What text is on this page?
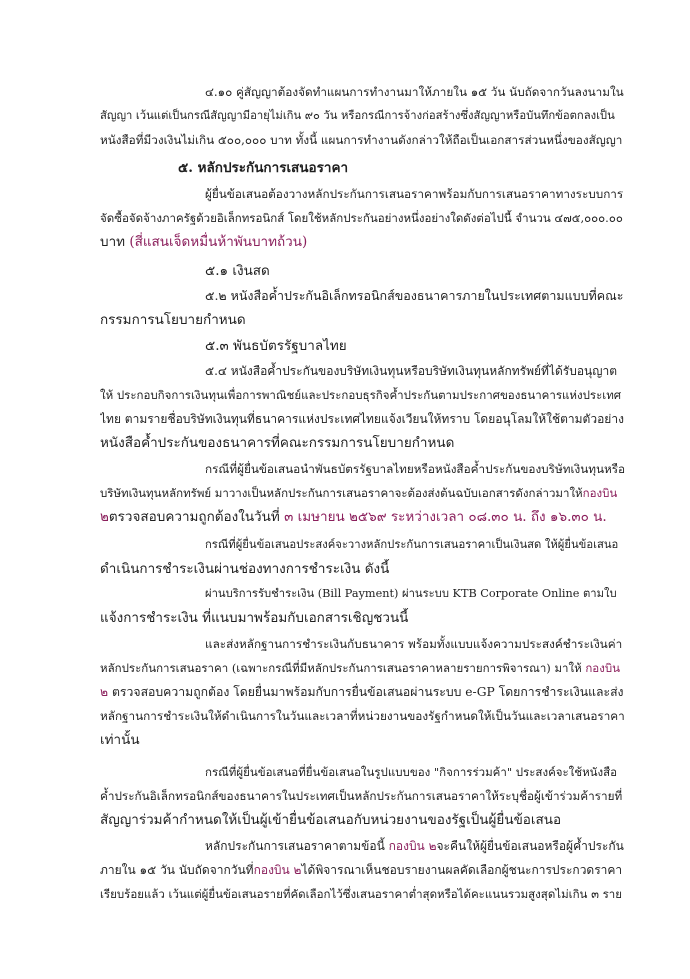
๔.๑๐ คู่สัญญาต้องจัดทำแผนการทำงานมาให้ภายใน ๑๕ วัน นับถัดจากวันลงนามใน
สัญญา เว้นแต่เป็นกรณีสัญญามีอายุไม่เกิน ๙๐ วัน หรือกรณีการจ้างก่อสร้างซึ่งสัญญาหรือบันทึกข้อตกลงเป็น
หนังสือที่มีวงเงินไม่เกิน ๕๐๐,๐๐๐ บาท ทั้งนี้ แผนการทำงานดังกล่าวให้ถือเป็นเอกสารส่วนหนึ่งของสัญญา
๕. หลักประกันการเสนอราคา
ผู้ยื่นข้อเสนอต้องวางหลักประกันการเสนอราคาพร้อมกับการเสนอราคาทางระบบการ
จัดซื้อจัดจ้างภาครัฐด้วยอิเล็กทรอนิกส์ โดยใช้หลักประกันอย่างหนึ่งอย่างใดดังต่อไปนี้ จำนวน ๔๗๕,๐๐๐.๐๐
บาท (สี่แสนเจ็ดหมื่นห้าพันบาทถ้วน)
๕.๑ เงินสด
๕.๒ หนังสือค้ำประกันอิเล็กทรอนิกส์ของธนาคารภายในประเทศตามแบบที่คณะ
กรรมการนโยบายกำหนด
๕.๓ พันธบัตรรัฐบาลไทย
๕.๔ หนังสือค้ำประกันของบริษัทเงินทุนหรือบริษัทเงินทุนหลักทรัพย์ที่ได้รับอนุญาต
ให้ ประกอบกิจการเงินทุนเพื่อการพาณิชย์และประกอบธุรกิจค้ำประกันตามประกาศของธนาคารแห่งประเทศ
ไทย ตามรายชื่อบริษัทเงินทุนที่ธนาคารแห่งประเทศไทยแจ้งเวียนให้ทราบ โดยอนุโลมให้ใช้ตามตัวอย่าง
หนังสือค้ำประกันของธนาคารที่คณะกรรมการนโยบายกำหนด
กรณีที่ผู้ยื่นข้อเสนอนำพันธบัตรรัฐบาลไทยหรือหนังสือค้ำประกันของบริษัทเงินทุนหรือ
บริษัทเงินทุนหลักทรัพย์ มาวางเป็นหลักประกันการเสนอราคาจะต้องส่งต้นฉบับเอกสารดังกล่าวมาให้กองบิน
๒ตรวจสอบความถูกต้องในวันที่ ๓ เมษายน ๒๕๖๙ ระหว่างเวลา ๐๘.๓๐ น. ถึง ๑๖.๓๐ น.
กรณีที่ผู้ยื่นข้อเสนอประสงค์จะวางหลักประกันการเสนอราคาเป็นเงินสด ให้ผู้ยื่นข้อเสนอ
ดำเนินการชำระเงินผ่านช่องทางการชำระเงิน ดังนี้
ผ่านบริการรับชำระเงิน (Bill Payment) ผ่านระบบ KTB Corporate Online ตามใบ
แจ้งการชำระเงิน ที่แนบมาพร้อมกับเอกสารเชิญชวนนี้
และส่งหลักฐานการชำระเงินกับธนาคาร พร้อมทั้งแบบแจ้งความประสงค์ชำระเงินค่า
หลักประกันการเสนอราคา (เฉพาะกรณีที่มีหลักประกันการเสนอราคาหลายรายการพิจารณา) มาให้ กองบิน
๒ ตรวจสอบความถูกต้อง โดยยื่นมาพร้อมกับการยื่นข้อเสนอผ่านระบบ e-GP โดยการชำระเงินและส่ง
หลักฐานการชำระเงินให้ดำเนินการในวันและเวลาที่หน่วยงานของรัฐกำหนดให้เป็นวันและเวลาเสนอราคา
เท่านั้น
กรณีที่ผู้ยื่นข้อเสนอที่ยื่นข้อเสนอในรูปแบบของ "กิจการร่วมค้า" ประสงค์จะใช้หนังสือ
ค้ำประกันอิเล็กทรอนิกส์ของธนาคารในประเทศเป็นหลักประกันการเสนอราคาให้ระบุชื่อผู้เข้าร่วมค้ารายที่
สัญญาร่วมค้ากำหนดให้เป็นผู้เข้ายื่นข้อเสนอกับหน่วยงานของรัฐเป็นผู้ยื่นข้อเสนอ
หลักประกันการเสนอราคาตามข้อนี้ กองบิน ๒จะคืนให้ผู้ยื่นข้อเสนอหรือผู้ค้ำประกัน
ภายใน ๑๕ วัน นับถัดจากวันที่กองบิน ๒ได้พิจารณาเห็นชอบรายงานผลคัดเลือกผู้ชนะการประกวดราคา
เรียบร้อยแล้ว เว้นแต่ผู้ยื่นข้อเสนอรายที่คัดเลือกไว้ซึ่งเสนอราคาต่ำสุดหรือได้คะแนนรวมสูงสุดไม่เกิน ๓ ราย
